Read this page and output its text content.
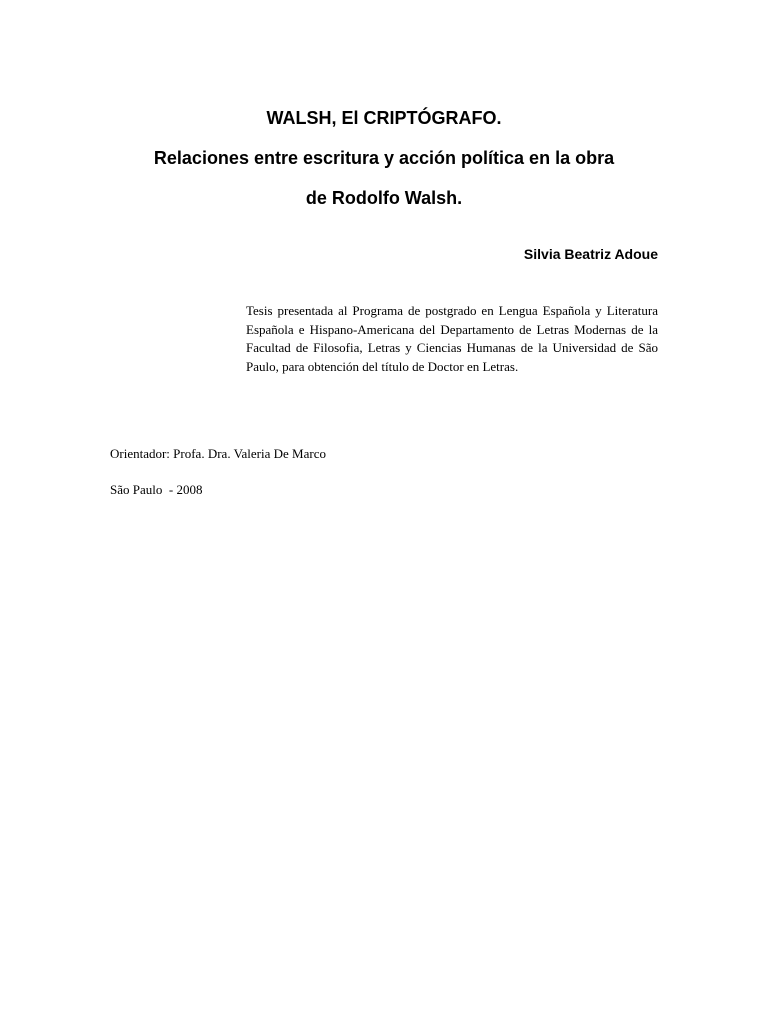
WALSH, El CRIPTÓGRAFO.
Relaciones entre escritura y acción política en la obra
de Rodolfo Walsh.
Silvia Beatriz Adoue
Tesis presentada al Programa de postgrado en Lengua Española y Literatura Española e Hispano-Americana del Departamento de Letras Modernas de la Facultad de Filosofia, Letras y Ciencias Humanas de la Universidad de São Paulo, para obtención del título de Doctor en Letras.
Orientador: Profa. Dra. Valeria De Marco
São Paulo  - 2008
